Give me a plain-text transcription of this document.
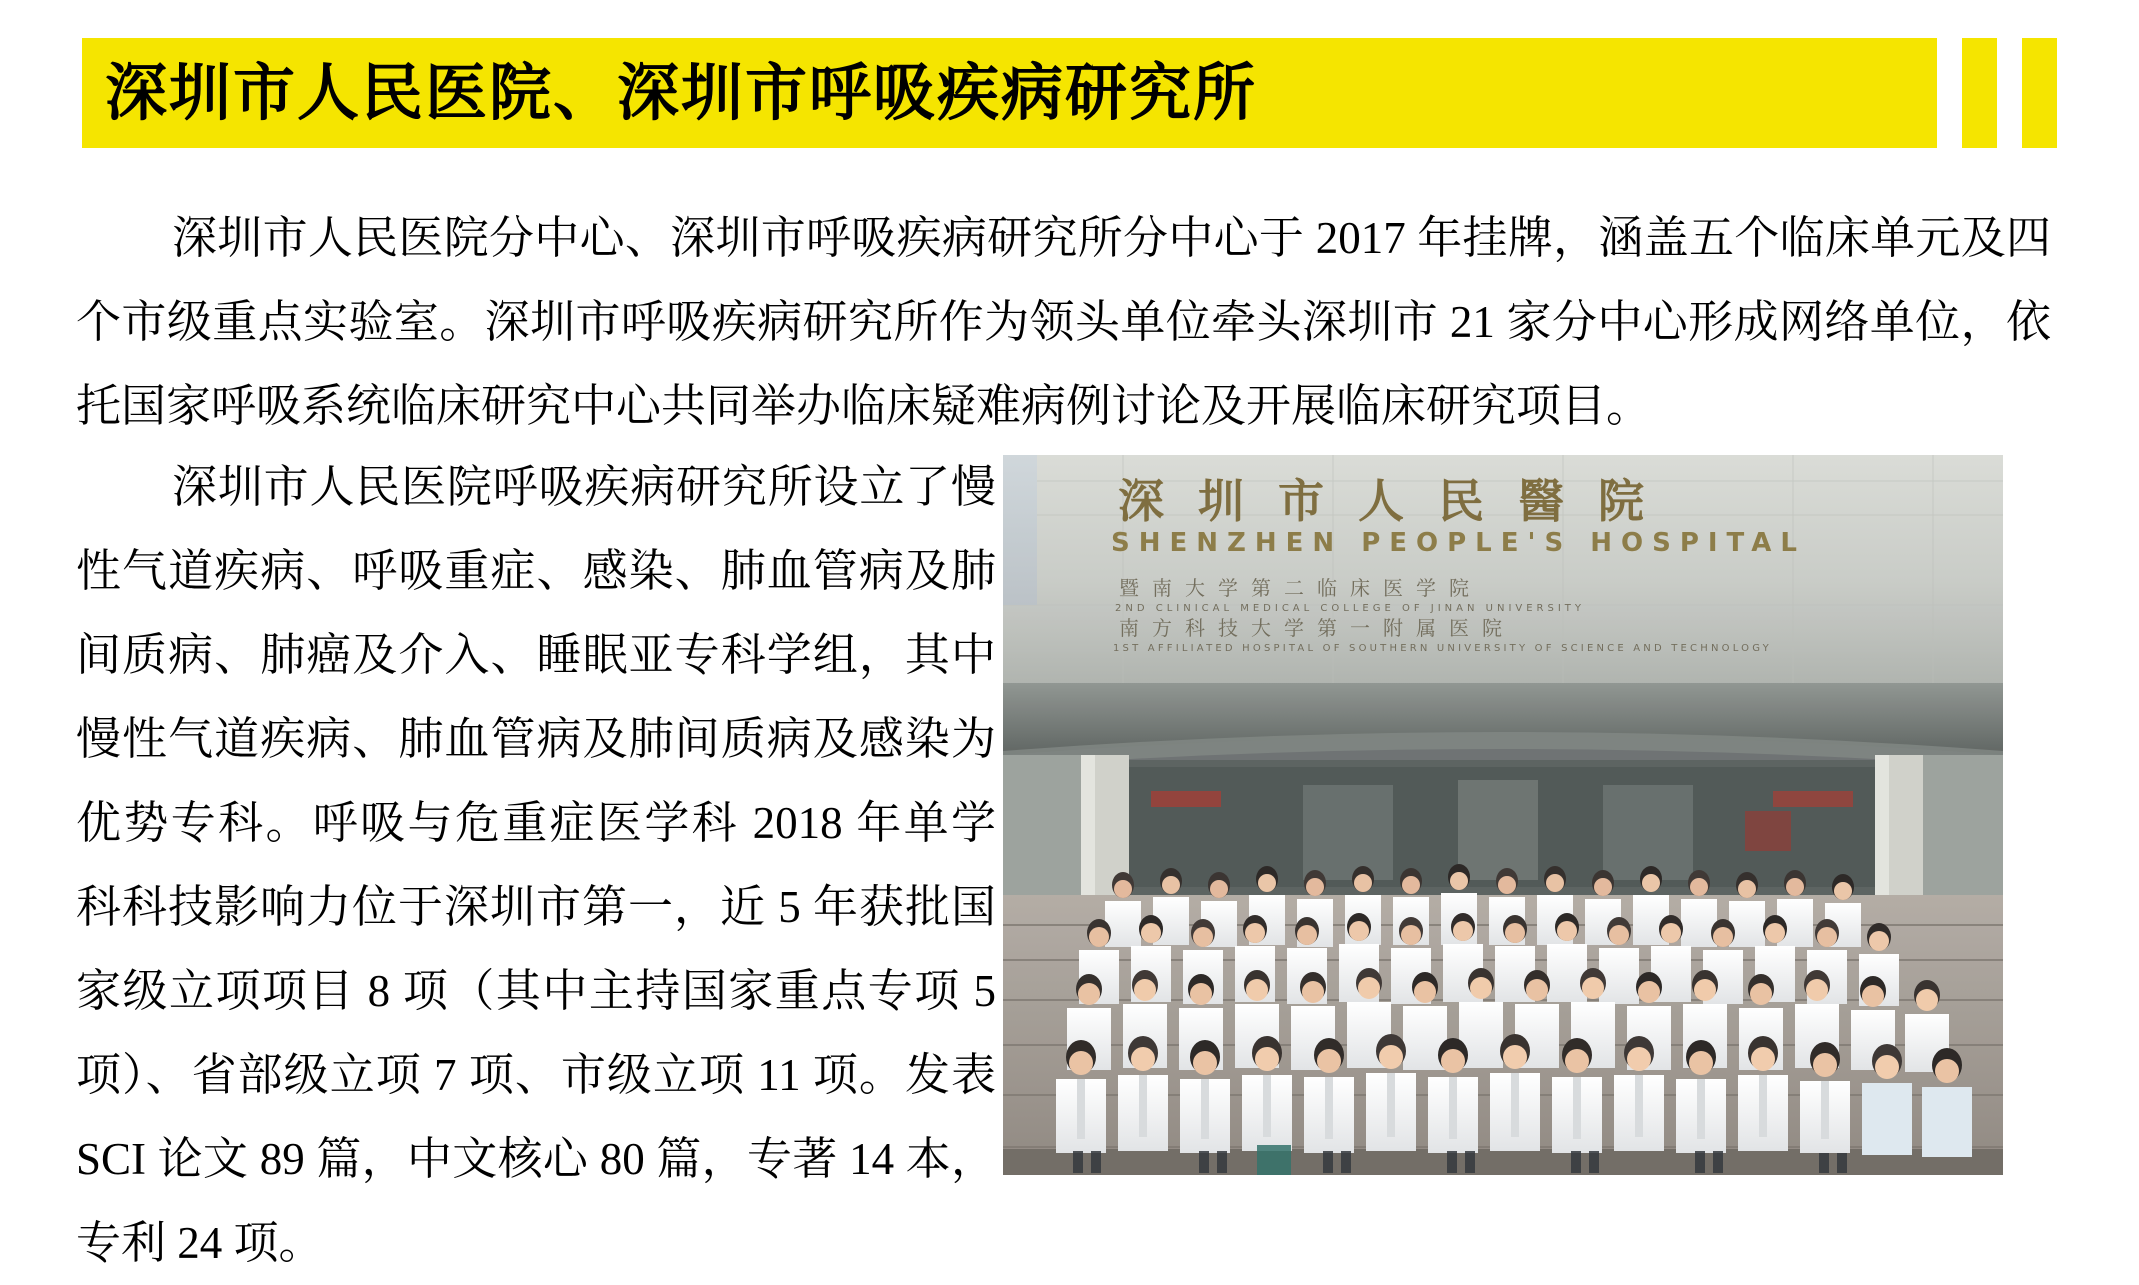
深圳市人民医院、深圳市呼吸疾病研究所
深圳市人民医院分中心、深圳市呼吸疾病研究所分中心于 2017 年挂牌，涵盖五个临床单元及四个市级重点实验室。深圳市呼吸疾病研究所作为领头单位牵头深圳市 21 家分中心形成网络单位，依托国家呼吸系统临床研究中心共同举办临床疑难病例讨论及开展临床研究项目。
深圳市人民医院呼吸疾病研究所设立了慢性气道疾病、呼吸重症、感染、肺血管病及肺间质病、肺癌及介入、睡眠亚专科学组，其中慢性气道疾病、肺血管病及肺间质病及感染为优势专科。呼吸与危重症医学科 2018 年单学科科技影响力位于深圳市第一，近 5 年获批国家级立项项目 8 项（其中主持国家重点专项 5 项）、省部级立项 7 项、市级立项 11 项。发表 SCI 论文 89 篇，中文核心 80 篇，专著 14 本，专利 24 项。
深圳市人民醫院
SHENZHEN PEOPLE'S HOSPITAL
暨南大学第二临床医学院
2ND CLINICAL MEDICAL COLLEGE OF JINAN UNIVERSITY
南方科技大学第一附属医院
1ST AFFILIATED HOSPITAL OF SOUTHERN UNIVERSITY OF SCIENCE AND TECHNOLOGY
